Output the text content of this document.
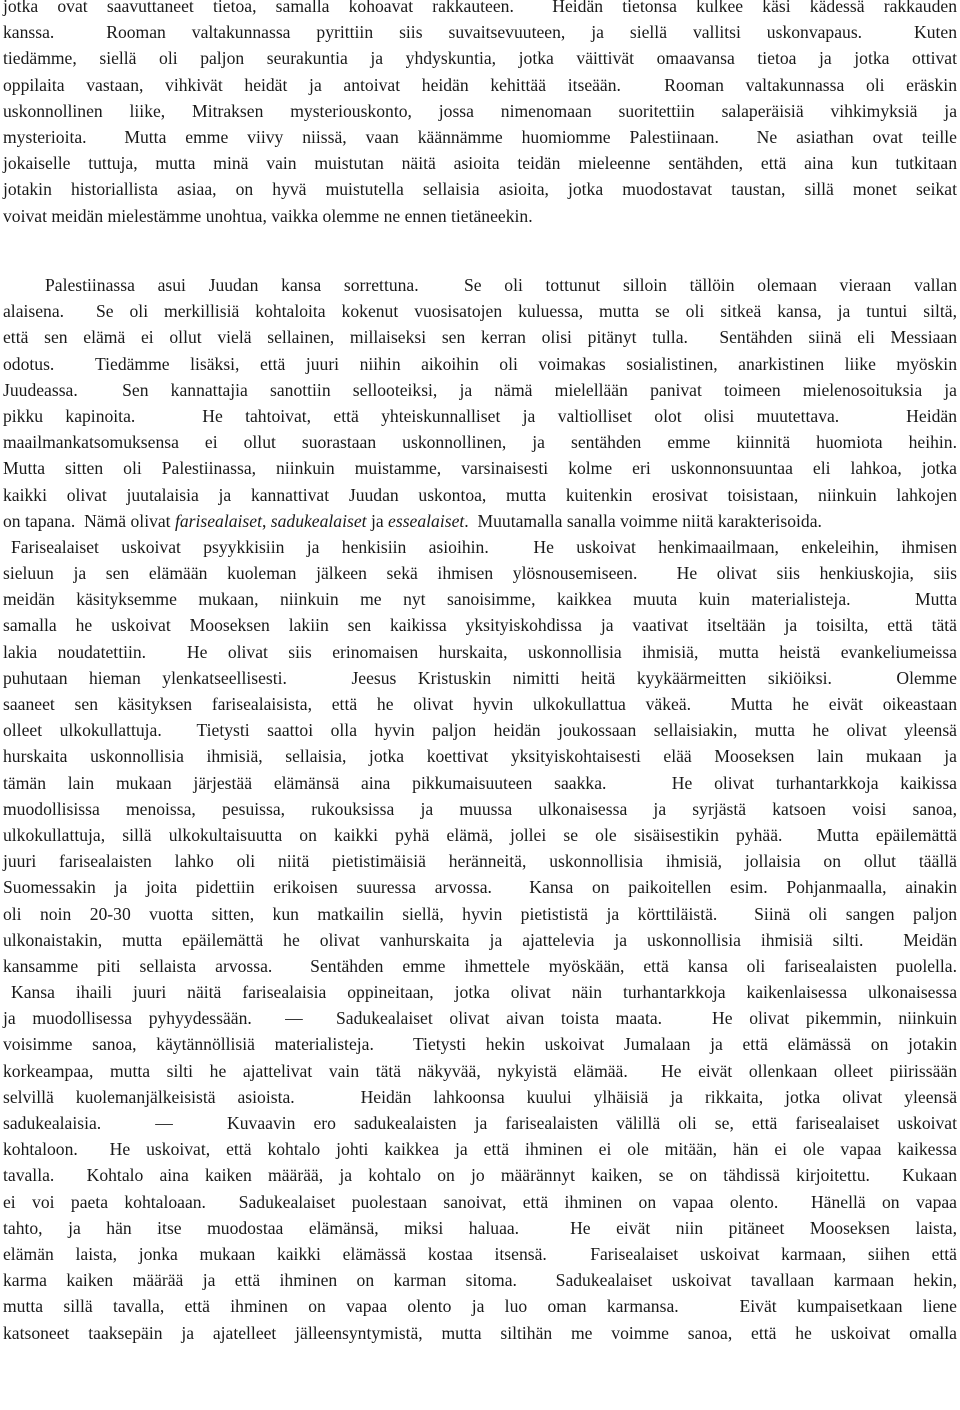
jotka ovat saavuttaneet tietoa, samalla kohoavat rakkauteen.  Heidän tietonsa kulkee käsi kädessä rakkauden
kanssa.  Rooman valtakunnassa pyrittiin siis suvaitsevuuteen, ja siellä vallitsi uskonvapaus.  Kuten
tiedämme, siellä oli paljon seurakuntia ja yhdyskuntia, jotka väittivät omaavansa tietoa ja jotka ottivat
oppilaita vastaan, vihkivät heidät ja antoivat heidän kehittää itseään.  Rooman valtakunnassa oli eräskin
uskonnollinen liike, Mitraksen mysteriouskonto, jossa nimenomaan suoritettiin salaperäisiä vihkimyksiä ja
mysterioita.  Mutta emme viivy niissä, vaan käännämme huomiomme Palestiinaan.  Ne asiathan ovat teille
jokaiselle tuttuja, mutta minä vain muistutan näitä asioita teidän mieleenne sentähden, että aina kun tutkitaan
jotakin historiallista asiaa, on hyvä muistutella sellaisia asioita, jotka muodostavat taustan, sillä monet seikat
voivat meidän mielestämme unohtua, vaikka olemme ne ennen tietäneekin.
Palestiinassa asui Juudan kansa sorrettuna.  Se oli tottunut silloin tällöin olemaan vieraan vallan
alaisena.  Se oli merkillisiä kohtaloita kokenut vuosisatojen kuluessa, mutta se oli sitkeä kansa, ja tuntui siltä,
että sen elämä ei ollut vielä sellainen, millaiseksi sen kerran olisi pitänyt tulla.  Sentähden siinä eli Messiaan
odotus.  Tiedämme lisäksi, että juuri niihin aikoihin oli voimakas sosialistinen, anarkistinen liike myöskin
Juudeassa.  Sen kannattajia sanottiin sellooteiksi, ja nämä mielellään panivat toimeen mielenosoituksia ja
pikku kapinoita.   He tahtoivat, että yhteiskunnalliset ja valtiolliset olot olisi muutettava.   Heidän
maailmankatsomuksensa ei ollut suorastaan uskonnollinen, ja sentähden emme kiinnitä huomiota heihin.
Mutta sitten oli Palestiinassa, niinkuin muistamme, varsinaisesti kolme eri uskonnonsuuntaa eli lahkoa, jotka
kaikki olivat juutalaisia ja kannattivat Juudan uskontoa, mutta kuitenkin erosivat toisistaan, niinkuin lahkojen
on tapana.  Nämä olivat farisealaiset, sadukealaiset ja essealaiset.  Muutamalla sanalla voimme niitä karakterisoida.
Farisealaiset uskoivat psyykkisiin ja henkisiin asioihin.  He uskoivat henkimaailmaan, enkeleihin, ihmisen
sieluun ja sen elämään kuoleman jälkeen sekä ihmisen ylösnousemiseen.  He olivat siis henkiuskojia, siis
meidän käsityksemme mukaan, niinkuin me nyt sanoisimme, kaikkea muuta kuin materialisteja.   Mutta
samalla he uskoivat Mooseksen lakiin sen kaikissa yksityiskohdissa ja vaativat itseltään ja toisilta, että tätä
lakia noudatettiin.  He olivat siis erinomaisen hurskaita, uskonnollisia ihmisiä, mutta heistä evankeliumeissa
puhutaan hieman ylenkatseellisesti.   Jeesus Kristuskin nimitti heitä kyykäärmeitten sikiöiksi.   Olemme
saaneet sen käsityksen farisealaisista, että he olivat hyvin ulkokullattua väkeä.  Mutta he eivät oikeastaan
olleet ulkokullattuja.  Tietysti saattoi olla hyvin paljon heidän joukossaan sellaisiakin, mutta he olivat yleensä
hurskaita uskonnollisia ihmisiä, sellaisia, jotka koettivat yksityiskohtaisesti elää Mooseksen lain mukaan ja
tämän lain mukaan järjestää elämänsä aina pikkumaisuuteen saakka.   He olivat turhantarkkoja kaikissa
muodollisissa menoissa, pesuissa, rukouksissa ja muussa ulkonaisessa ja syrjästä katsoen voisi sanoa,
ulkokullattuja, sillä ulkokultaisuutta on kaikki pyhä elämä, jollei se ole sisäisestikin pyhää.  Mutta epäilemättä
juuri farisealaisten lahko oli niitä pietistimäisiä heränneitä, uskonnollisia ihmisiä, jollaisia on ollut täällä
Suomessakin ja joita pidettiin erikoisen suuressa arvossa.  Kansa on paikoitellen esim. Pohjanmaalla, ainakin
oli noin 20-30 vuotta sitten, kun matkailin siellä, hyvin pietististä ja körttiläistä.  Siinä oli sangen paljon
ulkonaistakin, mutta epäilemättä he olivat vanhurskaita ja ajattelevia ja uskonnollisia ihmisiä silti.  Meidän
kansamme piti sellaista arvossa.  Sentähden emme ihmettele myöskään, että kansa oli farisealaisten puolella.
Kansa ihaili juuri näitä farisealaisia oppineitaan, jotka olivat näin turhantarkkoja kaikenlaisessa ulkonaisessa
ja muodollisessa pyhyydessään.  —  Sadukealaiset olivat aivan toista maata.   He olivat pikemmin, niinkuin
voisimme sanoa, käytännöllisiä materialisteja.  Tietysti hekin uskoivat Jumalaan ja että elämässä on jotakin
korkeampaa, mutta silti he ajattelivat vain tätä näkyvää, nykyistä elämää.  He eivät ollenkaan olleet piirissään
selvillä kuolemanjälkeisistä asioista.   Heidän lahkoonsa kuului ylhäisiä ja rikkaita, jotka olivat yleensä
sadukealaisia.   —   Kuvaavin ero sadukealaisten ja farisealaisten välillä oli se, että farisealaiset uskoivat
kohtaloon.  He uskoivat, että kohtalo johti kaikkea ja että ihminen ei ole mitään, hän ei ole vapaa kaikessa
tavalla.  Kohtalo aina kaiken määrää, ja kohtalo on jo määrännyt kaiken, se on tähdissä kirjoitettu.  Kukaan
ei voi paeta kohtaloaan.  Sadukealaiset puolestaan sanoivat, että ihminen on vapaa olento.  Hänellä on vapaa
tahto, ja hän itse muodostaa elämänsä, miksi haluaa.  He eivät niin pitäneet Mooseksen laista,
elämän laista, jonka mukaan kaikki elämässä kostaa itsensä.  Farisealaiset uskoivat karmaan, siihen että
karma kaiken määrää ja että ihminen on karman sitoma.  Sadukealaiset uskoivat tavallaan karmaan hekin,
mutta sillä tavalla, että ihminen on vapaa olento ja luo oman karmansa.   Eivät kumpaisetkaan liene
katsoneet taaksepäin ja ajatelleet jälleensyntymistä, mutta siltihän me voimme sanoa, että he uskoivat omalla
